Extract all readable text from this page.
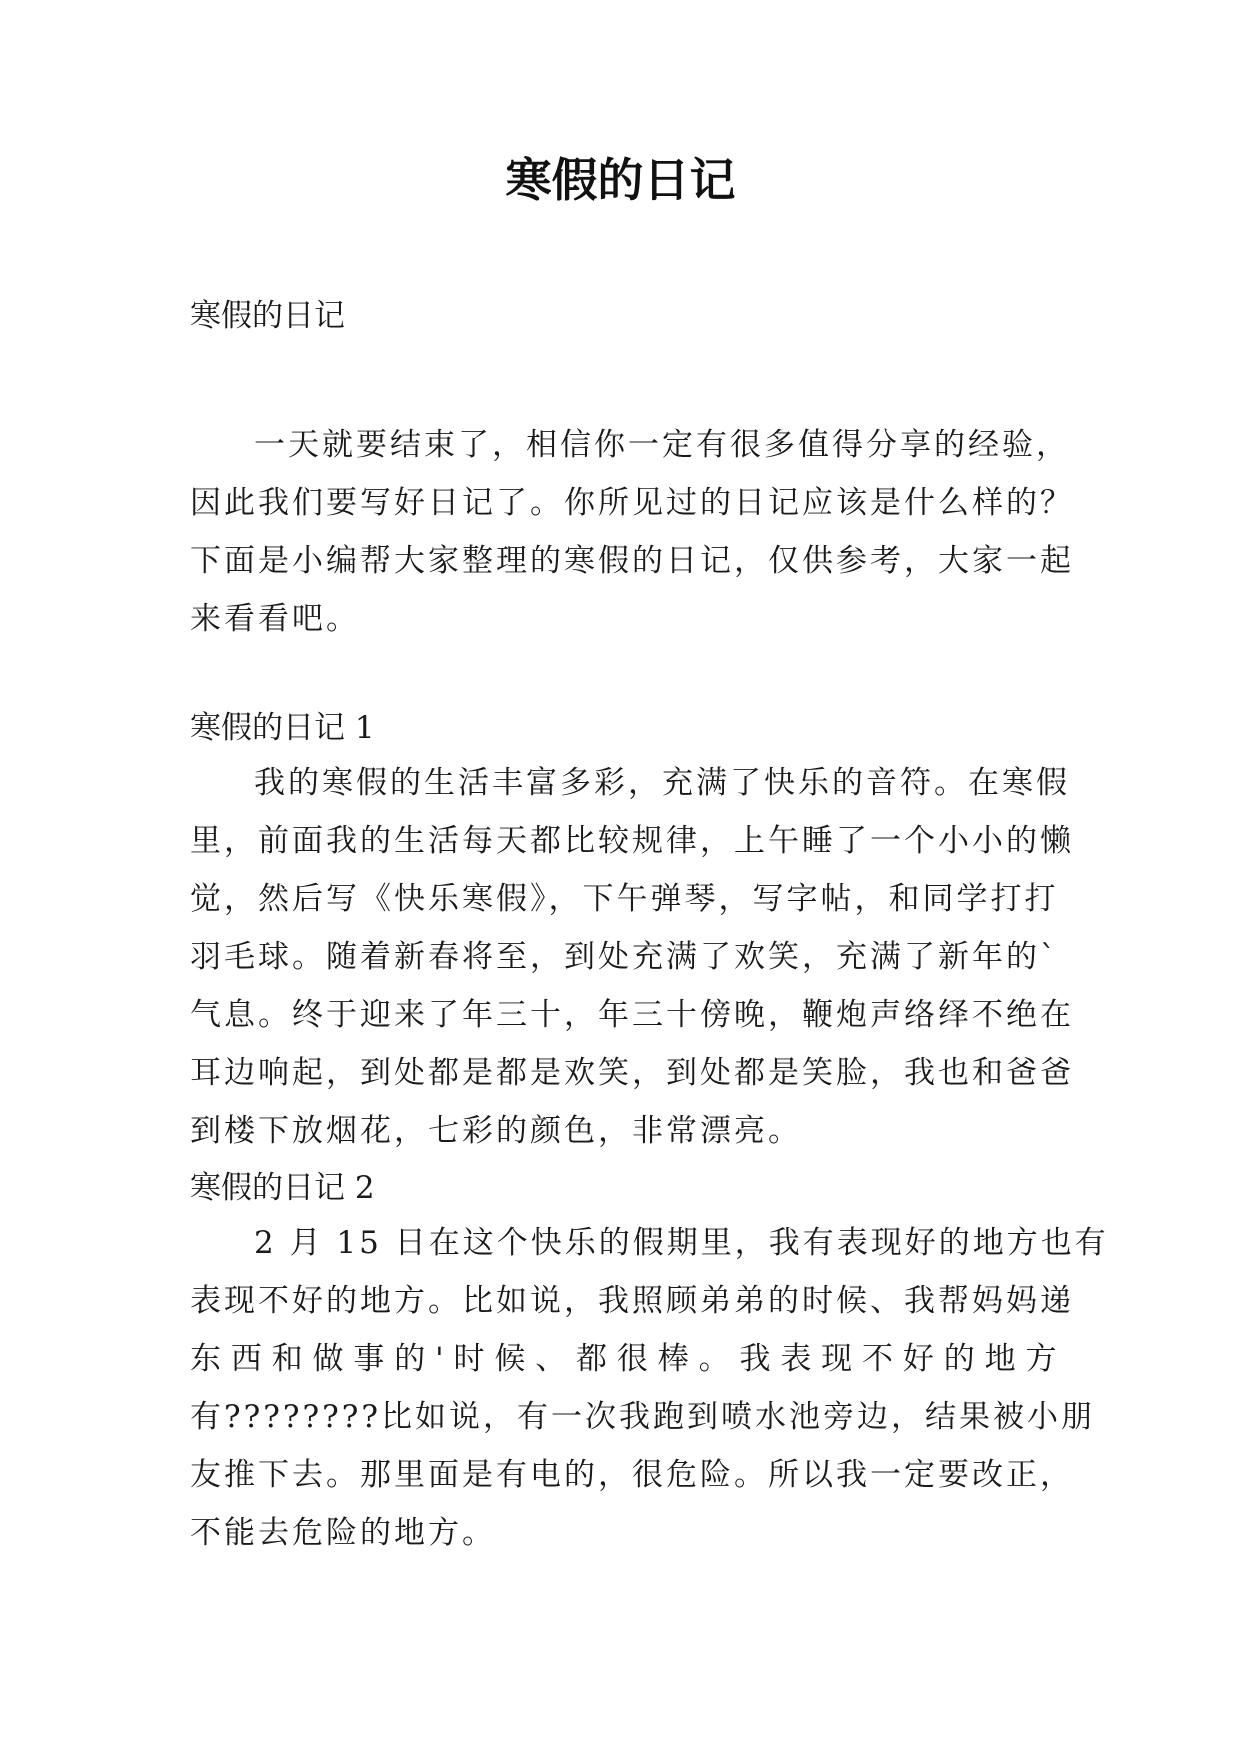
寒假的日记

寒假的日记

一天就要结束了，相信你一定有很多值得分享的经验，

因此我们要写好日记了。你所见过的日记应该是什么样的？

下面是小编帮大家整理的寒假的日记，仅供参考，大家一起

来看看吧。

寒假的日记 1

我的寒假的生活丰富多彩，充满了快乐的音符。在寒假

里，前面我的生活每天都比较规律，上午睡了一个小小的懒

觉，然后写《快乐寒假》，下午弹琴，写字帖，和同学打打

羽毛球。随着新春将至，到处充满了欢笑，充满了新年的`

气息。终于迎来了年三十，年三十傍晚，鞭炮声络绎不绝在

耳边响起，到处都是都是欢笑，到处都是笑脸，我也和爸爸

到楼下放烟花，七彩的颜色，非常漂亮。

寒假的日记 2

2 月 15 日在这个快乐的假期里，我有表现好的地方也有

表现不好的地方。比如说，我照顾弟弟的时候、我帮妈妈递

东 西 和 做 事 的 ' 时 候 、 都 很 棒 。 我 表 现 不 好 的 地 方

有????????比如说，有一次我跑到喷水池旁边，结果被小朋

友推下去。那里面是有电的，很危险。所以我一定要改正，

不能去危险的地方。
